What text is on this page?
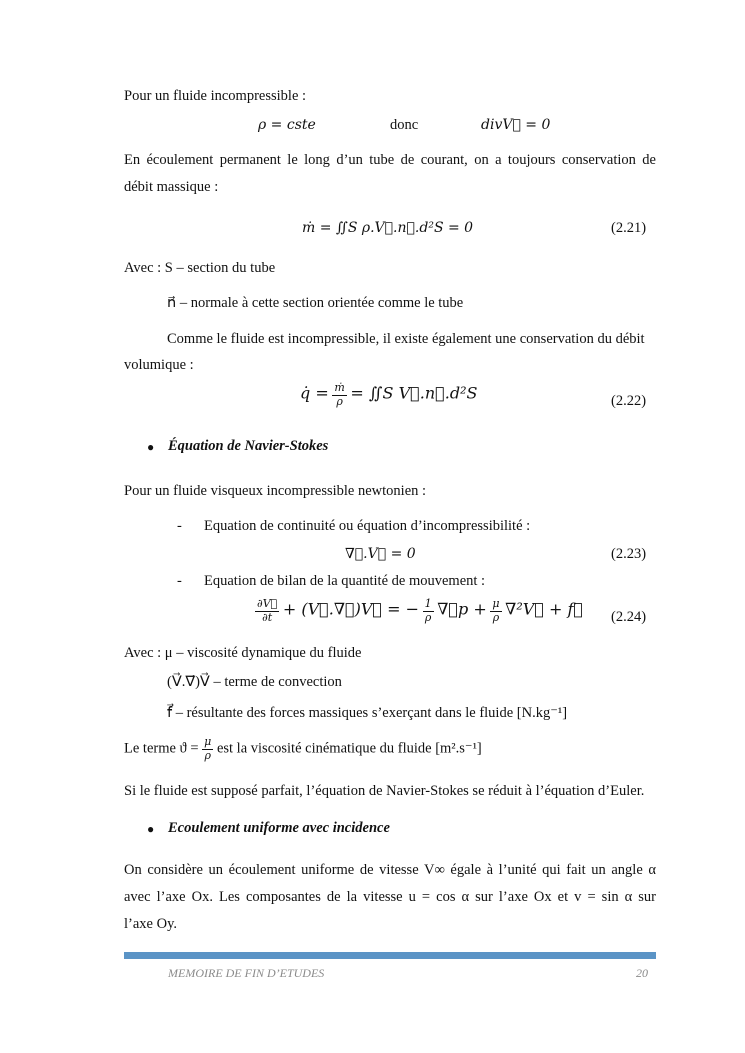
Pour un fluide incompressible :
ρ = cste	donc	divV⃗ = 0
En écoulement permanent le long d’un tube de courant, on a toujours conservation de
débit massique :
ṁ = ∬S ρ.V⃗.n⃗.d²S = 0	(2.21)
Avec : S – section du tube
n⃗ – normale à cette section orientée comme le tube
Comme le fluide est incompressible, il existe également une conservation du débit
volumique :
q̇ = $\frac{\text{ṁ}}{\rho}$ = ∬S V⃗.n⃗.d²S	(2.22)
● Équation de Navier-Stokes
Pour un fluide visqueux incompressible newtonien :
- Equation de continuité ou équation d’incompressibilité :
∇⃗.V⃗ = 0	(2.23)
- Equation de bilan de la quantité de mouvement :
$\frac{\partial V⃗}{\partial t}$ + (V⃗.∇⃗)V⃗ = − $\frac{1}{\rho}$ ∇⃗p + $\frac{\mu}{\rho}$ ∇²V⃗ + f⃗ (2.24)
Avec : μ – viscosité dynamique du fluide
(V⃗.∇⃗)V⃗ – terme de convection
f⃗ – résultante des forces massiques s’exerçant dans le fluide [N.kg⁻¹]
Le terme $ϑ = \frac{\mu}{\rho}$ est la viscosité cinématique du fluide [m².s⁻¹]
Si le fluide est supposé parfait, l’équation de Navier-Stokes se réduit à l’équation d’Euler.
● Ecoulement uniforme avec incidence
On considère un écoulement uniforme de vitesse V∞ égale à l’unité qui fait un angle α
avec l’axe Ox. Les composantes de la vitesse u = cos α sur l’axe Ox et v = sin α sur
l’axe Oy.
MEMOIRE DE FIN D’ETUDES	20
